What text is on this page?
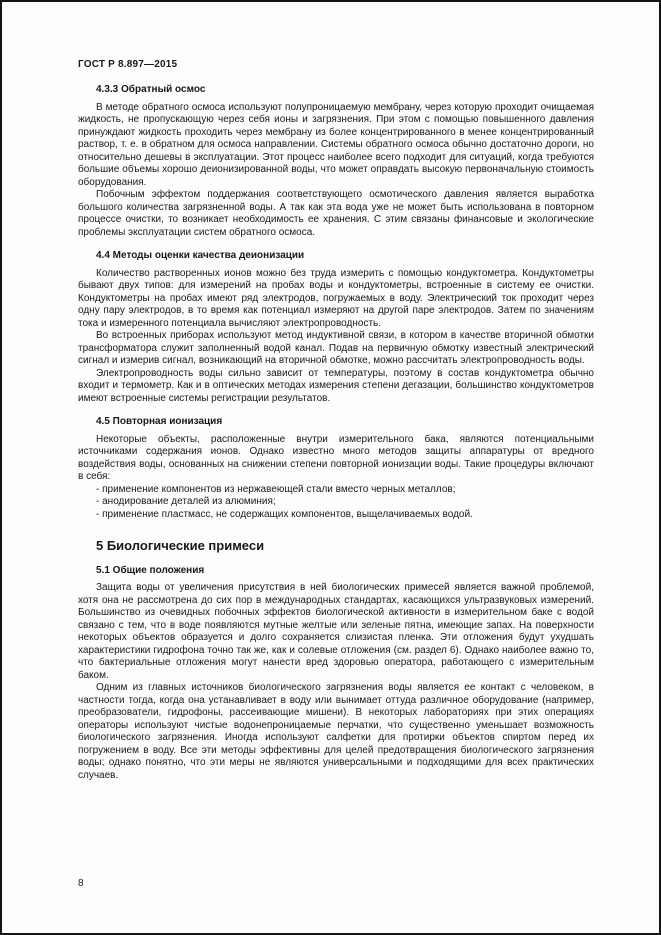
ГОСТ Р 8.897—2015
4.3.3 Обратный осмос

В методе обратного осмоса используют полупроницаемую мембрану, через которую проходит очищаемая жидкость, не пропускающую через себя ионы и загрязнения. При этом с помощью повышенного давления принуждают жидкость проходить через мембрану из более концентрированного в менее концентрированный раствор, т. е. в обратном для осмоса направлении. Системы обратного осмоса обычно достаточно дороги, но относительно дешевы в эксплуатации. Этот процесс наиболее всего подходит для ситуаций, когда требуются большие объемы хорошо деионизированной воды, что может оправдать высокую первоначальную стоимость оборудования.

Побочным эффектом поддержания соответствующего осмотического давления является выработка большого количества загрязненной воды. А так как эта вода уже не может быть использована в повторном процессе очистки, то возникает необходимость ее хранения. С этим связаны финансовые и экологические проблемы эксплуатации систем обратного осмоса.

4.4 Методы оценки качества деионизации

Количество растворенных ионов можно без труда измерить с помощью кондуктометра. Кондуктометры бывают двух типов: для измерений на пробах воды и кондуктометры, встроенные в систему ее очистки. Кондуктометры на пробах имеют ряд электродов, погружаемых в воду. Электрический ток проходит через одну пару электродов, в то время как потенциал измеряют на другой паре электродов. Затем по значениям тока и измеренного потенциала вычисляют электропроводность.

Во встроенных приборах используют метод индуктивной связи, в котором в качестве вторичной обмотки трансформатора служит заполненный водой канал. Подав на первичную обмотку известный электрический сигнал и измерив сигнал, возникающий на вторичной обмотке, можно рассчитать электропроводность воды.

Электропроводность воды сильно зависит от температуры, поэтому в состав кондуктометра обычно входит и термометр. Как и в оптических методах измерения степени дегазации, большинство кондуктометров имеют встроенные системы регистрации результатов.

4.5 Повторная ионизация

Некоторые объекты, расположенные внутри измерительного бака, являются потенциальными источниками содержания ионов. Однако известно много методов защиты аппаратуры от вредного воздействия воды, основанных на снижении степени повторной ионизации воды. Такие процедуры включают в себя:

- применение компонентов из нержавеющей стали вместо черных металлов;

- анодирование деталей из алюминия;

- применение пластмасс, не содержащих компонентов, выщелачиваемых водой.

5 Биологические примеси
5.1 Общие положения

Защита воды от увеличения присутствия в ней биологических примесей является важной проблемой, хотя она не рассмотрена до сих пор в международных стандартах, касающихся ультразвуковых измерений. Большинство из очевидных побочных эффектов биологической активности в измерительном баке с водой связано с тем, что в воде появляются мутные желтые или зеленые пятна, имеющие запах. На поверхности некоторых объектов образуется и долго сохраняется слизистая пленка. Эти отложения будут ухудшать характеристики гидрофона точно так же, как и солевые отложения (см. раздел 6). Однако наиболее важно то, что бактериальные отложения могут нанести вред здоровью оператора, работающего с измерительным баком.

Одним из главных источников биологического загрязнения воды является ее контакт с человеком, в частности тогда, когда она устанавливает в воду или вынимает оттуда различное оборудование (например, преобразователи, гидрофоны, рассеивающие мишени). В некоторых лабораториях при этих операциях операторы используют чистые водонепроницаемые перчатки, что существенно уменьшает возможность биологического загрязнения. Иногда используют салфетки для протирки объектов спиртом перед их погружением в воду. Все эти методы эффективны для целей предотвращения биологического загрязнения воды; однако понятно, что эти меры не являются универсальными и подходящими для всех практических случаев.

8
